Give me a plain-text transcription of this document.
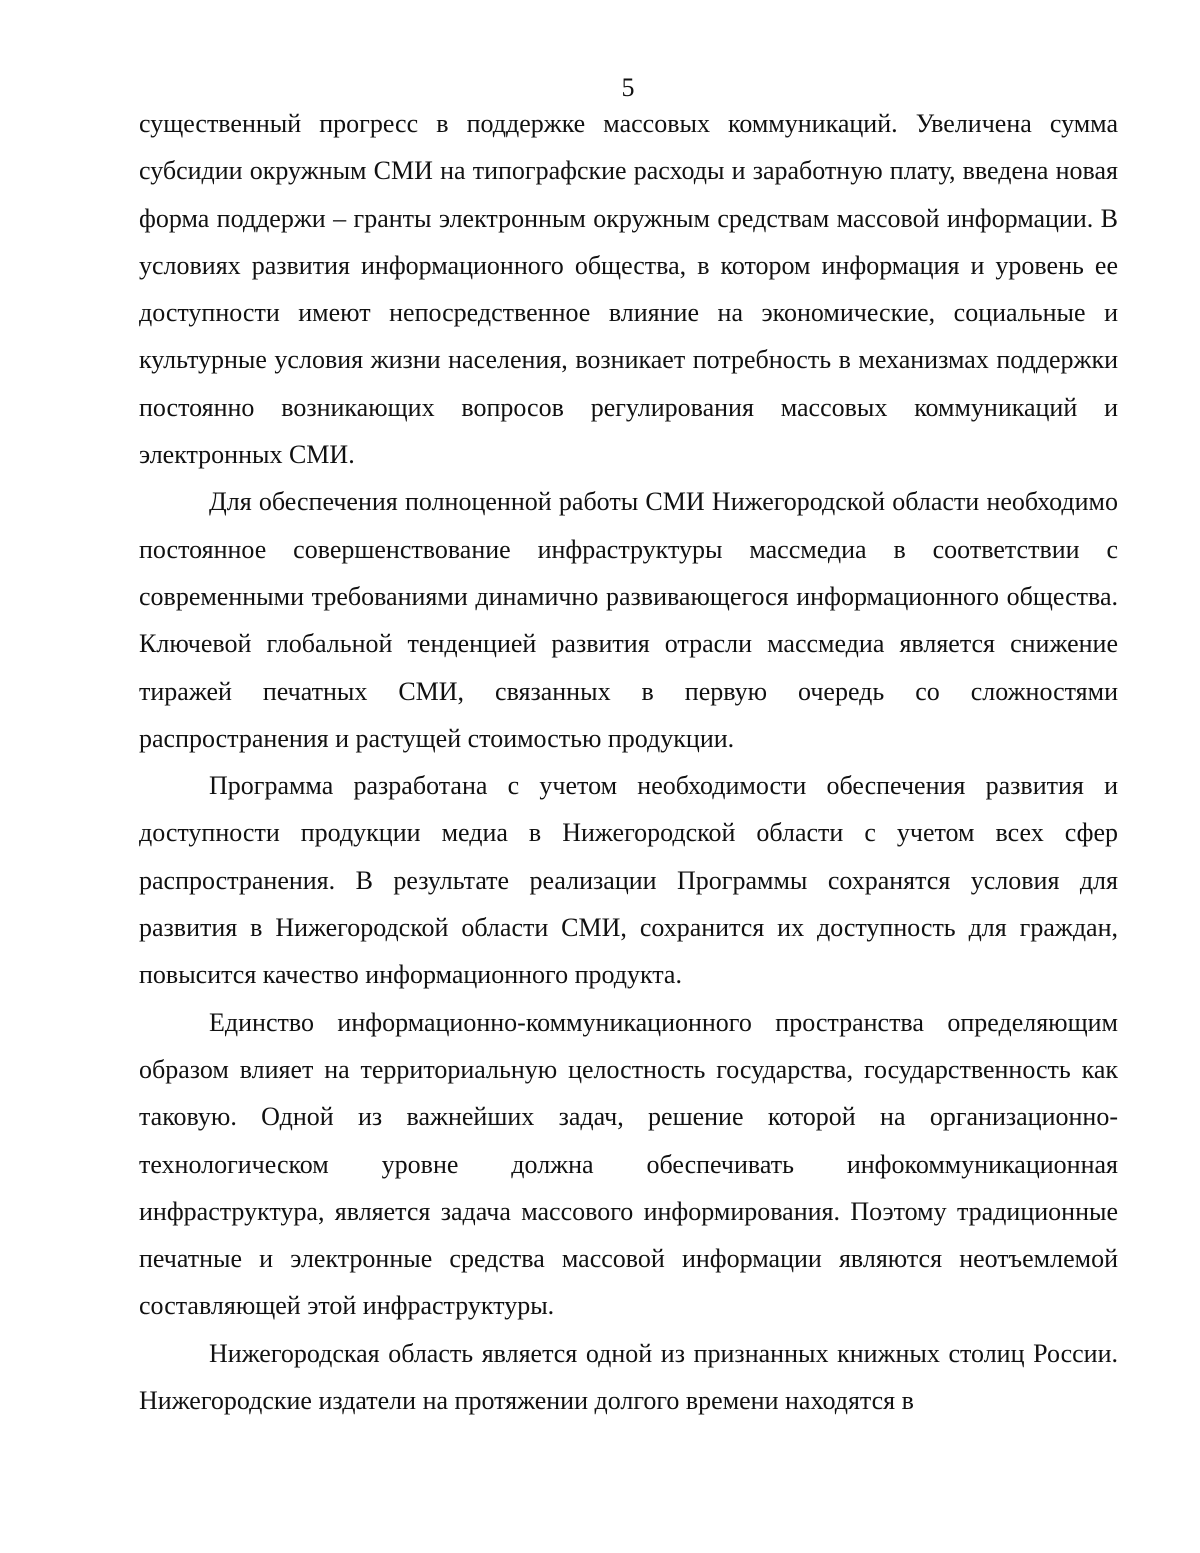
5

существенный прогресс в поддержке массовых коммуникаций. Увеличена сумма субсидии окружным СМИ на типографские расходы и заработную плату, введена новая форма поддержи – гранты электронным окружным средствам массовой информации. В условиях развития информационного общества, в котором информация и уровень ее доступности имеют непосредственное влияние на экономические, социальные и культурные условия жизни населения, возникает потребность в механизмах поддержки постоянно возникающих вопросов регулирования массовых коммуникаций и электронных СМИ.

Для обеспечения полноценной работы СМИ Нижегородской области необходимо постоянное совершенствование инфраструктуры массмедиа в соответствии с современными требованиями динамично развивающегося информационного общества. Ключевой глобальной тенденцией развития отрасли массмедиа является снижение тиражей печатных СМИ, связанных в первую очередь со сложностями распространения и растущей стоимостью продукции.

Программа разработана с учетом необходимости обеспечения развития и доступности продукции медиа в Нижегородской области с учетом всех сфер распространения. В результате реализации Программы сохранятся условия для развития в Нижегородской области СМИ, сохранится их доступность для граждан, повысится качество информационного продукта.

Единство информационно-коммуникационного пространства определяющим образом влияет на территориальную целостность государства, государственность как таковую. Одной из важнейших задач, решение которой на организационно-технологическом уровне должна обеспечивать инфокоммуникационная инфраструктура, является задача массового информирования. Поэтому традиционные печатные и электронные средства массовой информации являются неотъемлемой составляющей этой инфраструктуры.

Нижегородская область является одной из признанных книжных столиц России. Нижегородские издатели на протяжении долгого времени находятся в
